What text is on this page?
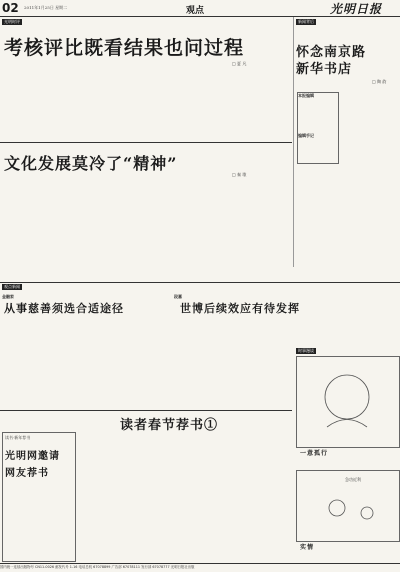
02 2011年1月25日 星期二	观点	光明日报
光明时评
考核评比既看结果也问过程
□ 夏 凡
文化发展莫冷了“精神”
□ 秦 歌
新闻背后
怀念南京路
新华书店
□ 陶 韵
本报编辑
编辑手记
观点新闻
金融家
从事慈善须选合适途径
段嘉
世博后续效应有待发挥
时事漫谈
一意孤行
急功近利
实情
读者春节荐书①
读书·新年荐书
光明网邀请
网友荐书
国内统一连续出版物号 CN11-0026 邮发代号 1-16 电话总机 67078899 广告部 67078111 发行部 67078777 光明日报社出版
